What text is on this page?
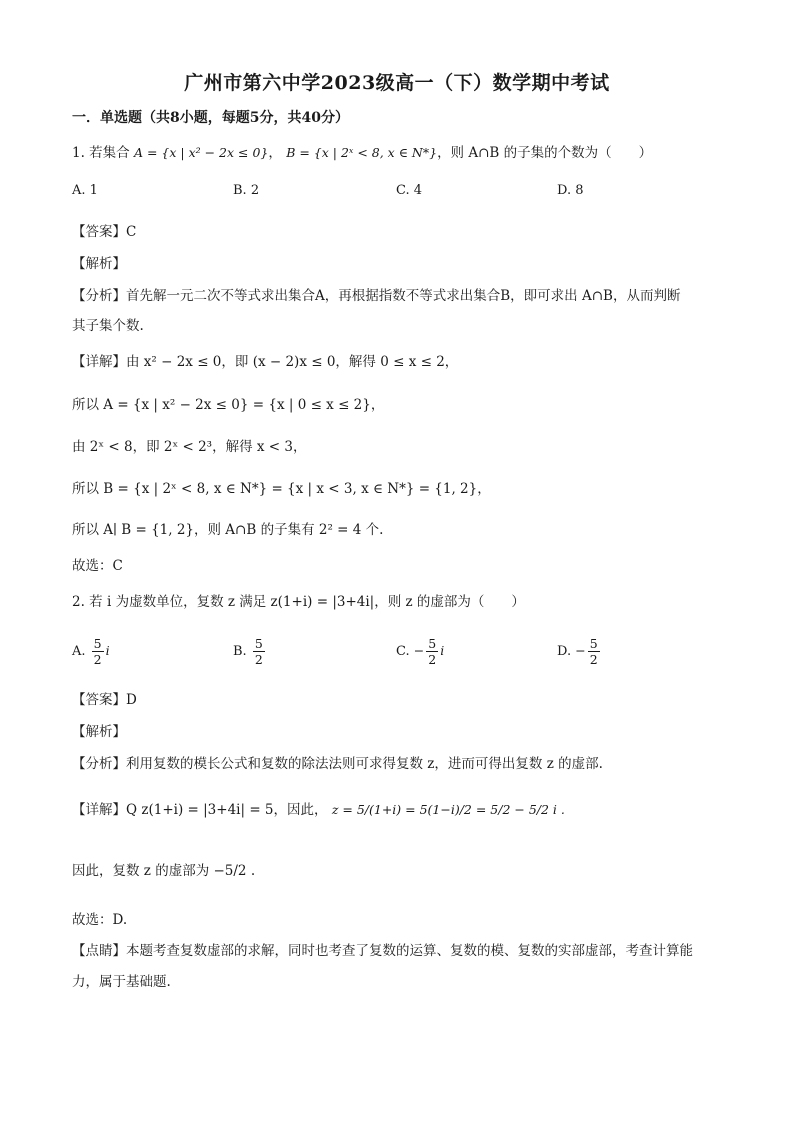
广州市第六中学2023级高一（下）数学期中考试
一．单选题（共8小题，每题5分，共40分）
1. 若集合 A = {x | x² − 2x ≤ 0}， B = {x | 2ˣ < 8, x ∈ N*}，则 A∩B 的子集的个数为（　　）
A. 1	B. 2	C. 4	D. 8
【答案】C
【解析】
【分析】首先解一元二次不等式求出集合A，再根据指数不等式求出集合B，即可求出 A∩B，从而判断
其子集个数.
【详解】由 x² − 2x ≤ 0，即 (x − 2)x ≤ 0，解得 0 ≤ x ≤ 2，
所以 A = {x | x² − 2x ≤ 0} = {x | 0 ≤ x ≤ 2}，
由 2ˣ < 8，即 2ˣ < 2³，解得 x < 3，
所以 B = {x | 2ˣ < 8, x ∈ N*} = {x | x < 3, x ∈ N*} = {1, 2}，
所以 A∣ B = {1, 2}，则 A∩B 的子集有 2² = 4 个.
故选：C
2. 若 i 为虚数单位，复数 z 满足 z(1+i) = |3+4i|，则 z 的虚部为（　　）
A. $\frac{5}{2}$ i	B. $\frac{5}{2}$	C. − $\frac{5}{2}$ i	D. − $\frac{5}{2}$
【答案】D
【解析】
【分析】利用复数的模长公式和复数的除法法则可求得复数 z，进而可得出复数 z 的虚部.
【详解】Q z(1+i) = |3+4i| = 5，因此， z = 5/(1+i) = 5(1−i)/2 = 5/2 − 5/2 i .
因此，复数 z 的虚部为 −5/2 .
故选：D.
【点睛】本题考查复数虚部的求解，同时也考查了复数的运算、复数的模、复数的实部虚部，考查计算能
力，属于基础题.
